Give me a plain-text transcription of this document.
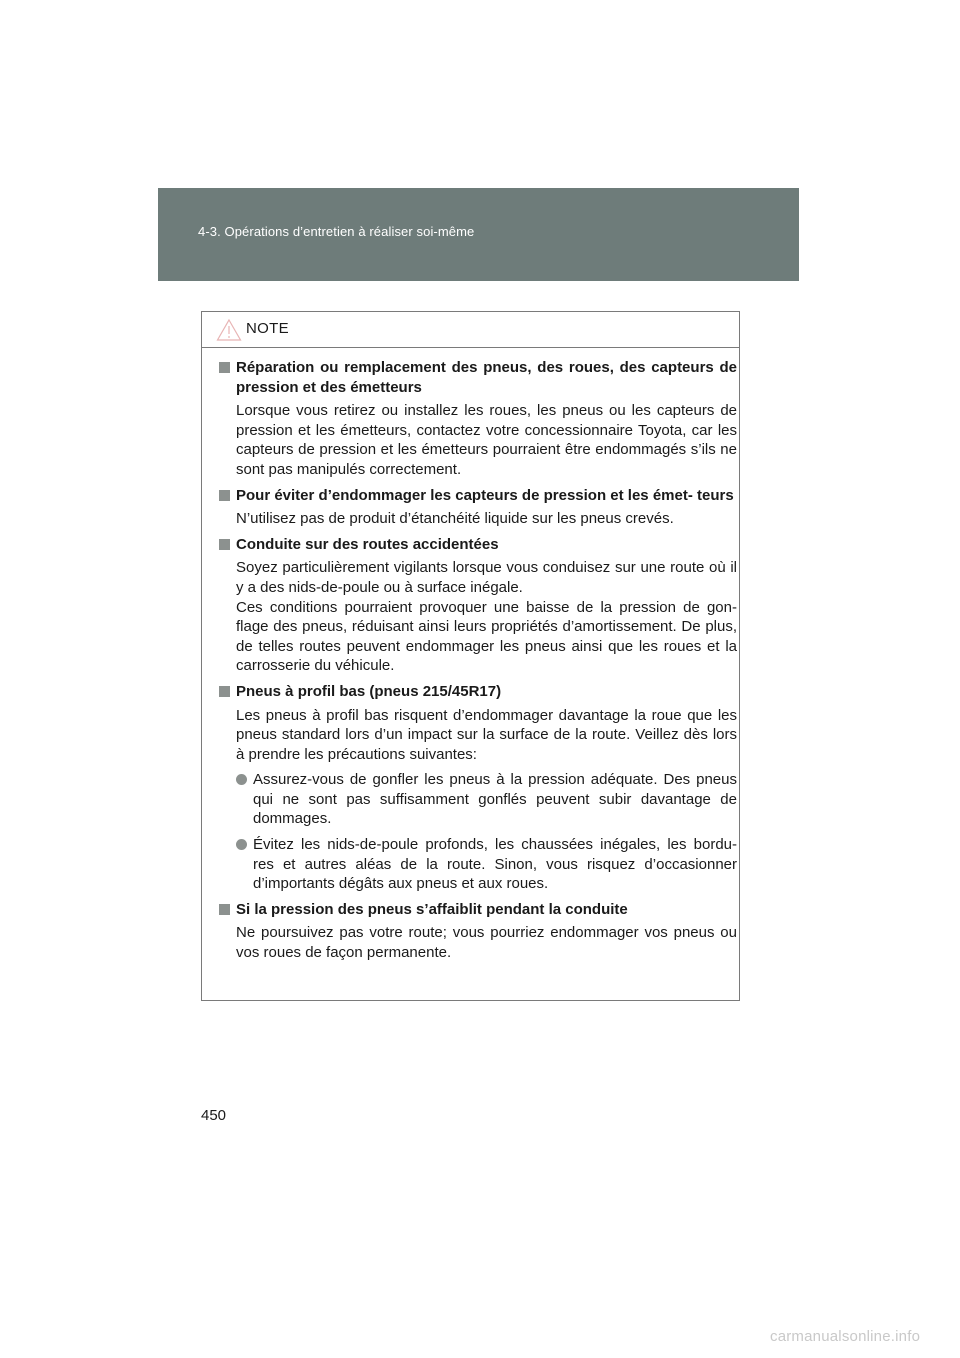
4-3. Opérations d’entretien à réaliser soi-même
NOTE
Réparation ou remplacement des pneus, des roues, des capteurs de pression et des émetteurs
Lorsque vous retirez ou installez les roues, les pneus ou les capteurs de pression et les émetteurs, contactez votre concessionnaire Toyota, car les capteurs de pression et les émetteurs pourraient être endommagés s’ils ne sont pas manipulés correctement.
Pour éviter d’endommager les capteurs de pression et les émet- teurs
N’utilisez pas de produit d’étanchéité liquide sur les pneus crevés.
Conduite sur des routes accidentées
Soyez particulièrement vigilants lorsque vous conduisez sur une route où il y a des nids-de-poule ou à surface inégale.
Ces conditions pourraient provoquer une baisse de la pression de gon- flage des pneus, réduisant ainsi leurs propriétés d’amortissement. De plus, de telles routes peuvent endommager les pneus ainsi que les roues et la carrosserie du véhicule.
Pneus à profil bas (pneus 215/45R17)
Les pneus à profil bas risquent d’endommager davantage la roue que les pneus standard lors d’un impact sur la surface de la route. Veillez dès lors à prendre les précautions suivantes:
Assurez-vous de gonfler les pneus à la pression adéquate. Des pneus qui ne sont pas suffisamment gonflés peuvent subir davantage de dommages.
Évitez les nids-de-poule profonds, les chaussées inégales, les bordu- res et autres aléas de la route. Sinon, vous risquez d’occasionner d’importants dégâts aux pneus et aux roues.
Si la pression des pneus s’affaiblit pendant la conduite
Ne poursuivez pas votre route; vous pourriez endommager vos pneus ou vos roues de façon permanente.
450
carmanualsonline.info
